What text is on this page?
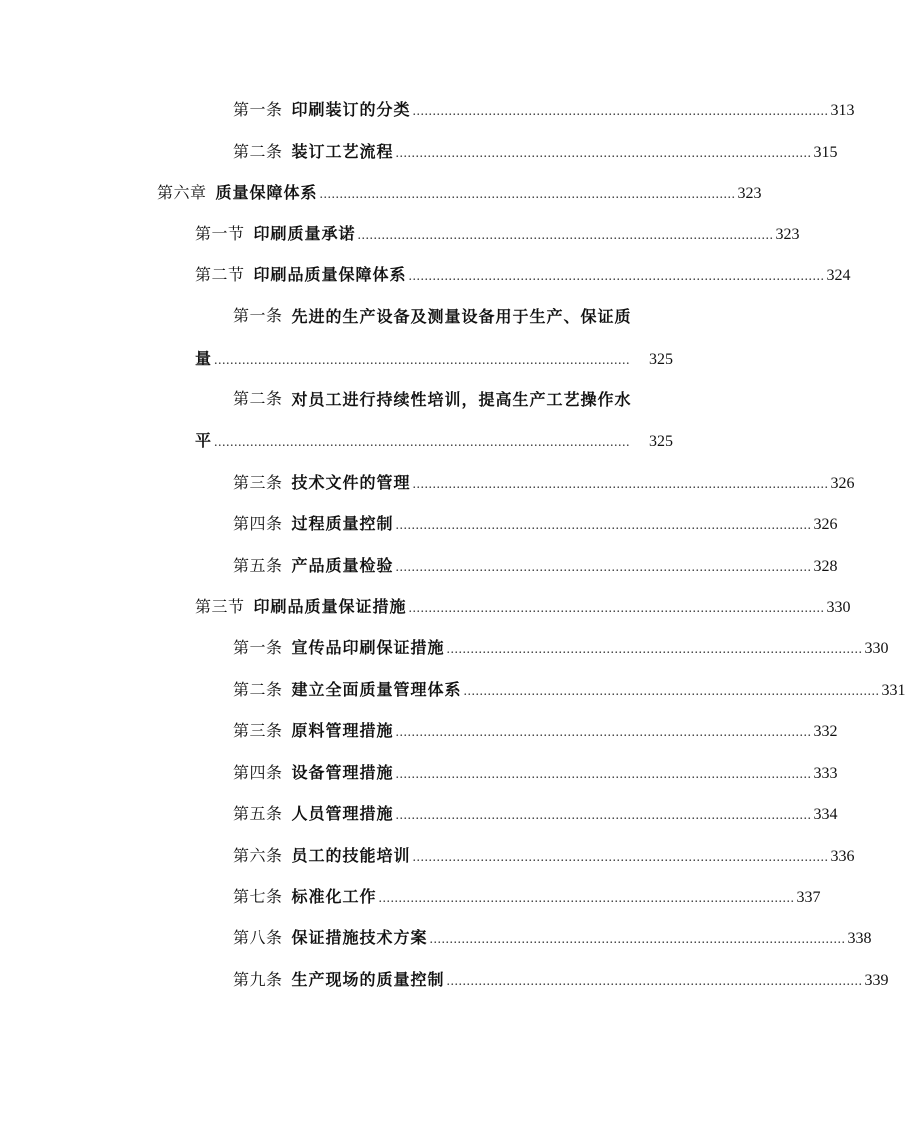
第一条 印刷装订的分类 ........................................................................................................ 313
第二条 装订工艺流程 ........................................................................................................ 315
第六章 质量保障体系 ........................................................................................................ 323
第一节 印刷质量承诺 ........................................................................................................ 323
第二节 印刷品质量保障体系 ........................................................................................................ 324
第一条 先进的生产设备及测量设备用于生产、保证质
量 ........................................................................................................	325
第二条 对员工进行持续性培训，提高生产工艺操作水
平 ........................................................................................................	325
第三条 技术文件的管理 ........................................................................................................ 326
第四条 过程质量控制 ........................................................................................................ 326
第五条 产品质量检验 ........................................................................................................ 328
第三节 印刷品质量保证措施 ........................................................................................................ 330
第一条 宣传品印刷保证措施 ........................................................................................................ 330
第二条 建立全面质量管理体系 ........................................................................................................ 331
第三条 原料管理措施 ........................................................................................................ 332
第四条 设备管理措施 ........................................................................................................ 333
第五条 人员管理措施 ........................................................................................................ 334
第六条 员工的技能培训 ........................................................................................................ 336
第七条 标准化工作 ........................................................................................................ 337
第八条 保证措施技术方案 ........................................................................................................ 338
第九条 生产现场的质量控制 ........................................................................................................ 339
